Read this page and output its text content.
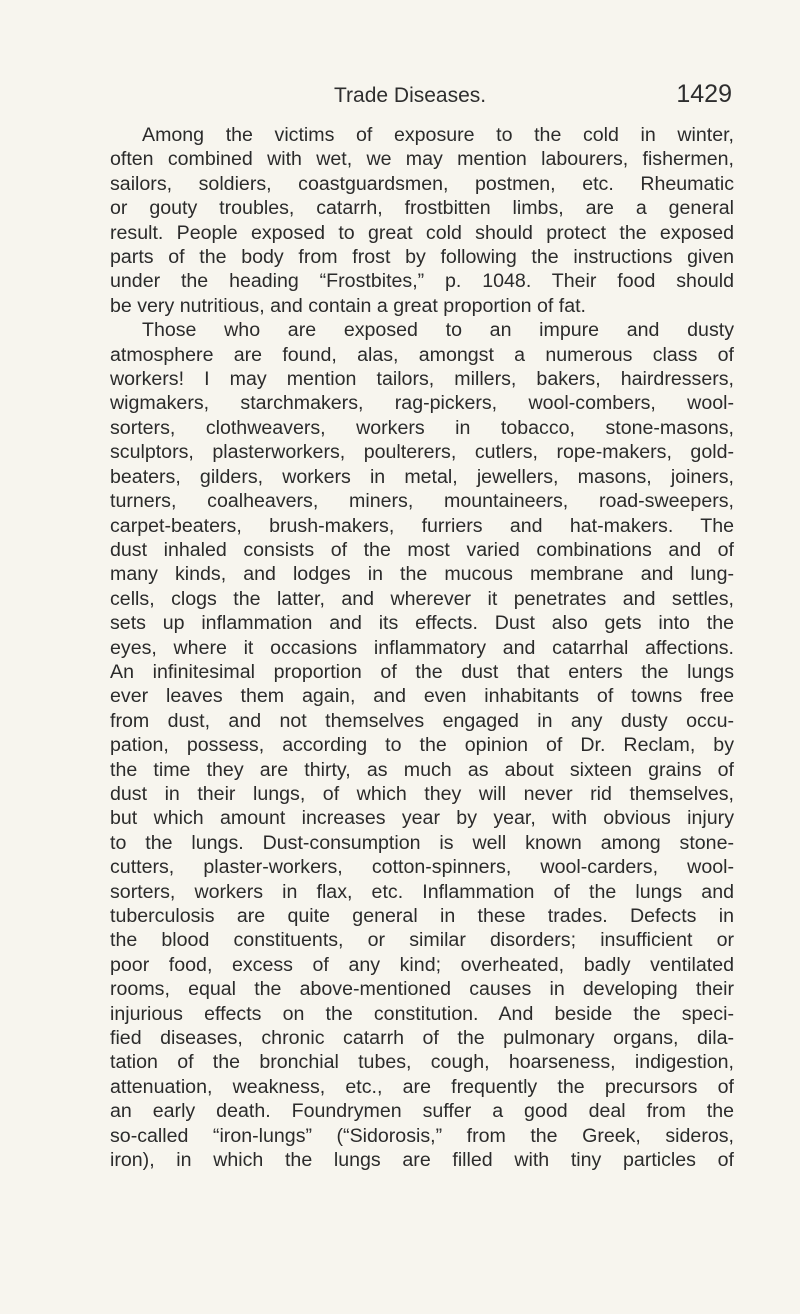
Trade Diseases.	1429
Among the victims of exposure to the cold in winter,
often combined with wet, we may mention labourers, fishermen,
sailors, soldiers, coastguardsmen, postmen, etc. Rheumatic
or gouty troubles, catarrh, frostbitten limbs, are a general
result. People exposed to great cold should protect the exposed
parts of the body from frost by following the instructions given
under the heading “Frostbites,” p. 1048. Their food should
be very nutritious, and contain a great proportion of fat.
Those who are exposed to an impure and dusty
atmosphere are found, alas, amongst a numerous class of
workers! I may mention tailors, millers, bakers, hairdressers,
wigmakers, starchmakers, rag-pickers, wool-combers, wool-
sorters, clothweavers, workers in tobacco, stone-masons,
sculptors, plasterworkers, poulterers, cutlers, rope-makers, gold-
beaters, gilders, workers in metal, jewellers, masons, joiners,
turners, coalheavers, miners, mountaineers, road-sweepers,
carpet-beaters, brush-makers, furriers and hat-makers. The
dust inhaled consists of the most varied combinations and of
many kinds, and lodges in the mucous membrane and lung-
cells, clogs the latter, and wherever it penetrates and settles,
sets up inflammation and its effects. Dust also gets into the
eyes, where it occasions inflammatory and catarrhal affections.
An infinitesimal proportion of the dust that enters the lungs
ever leaves them again, and even inhabitants of towns free
from dust, and not themselves engaged in any dusty occu-
pation, possess, according to the opinion of Dr. Reclam, by
the time they are thirty, as much as about sixteen grains of
dust in their lungs, of which they will never rid themselves,
but which amount increases year by year, with obvious injury
to the lungs. Dust-consumption is well known among stone-
cutters, plaster-workers, cotton-spinners, wool-carders, wool-
sorters, workers in flax, etc. Inflammation of the lungs and
tuberculosis are quite general in these trades. Defects in
the blood constituents, or similar disorders; insufficient or
poor food, excess of any kind; overheated, badly ventilated
rooms, equal the above-mentioned causes in developing their
injurious effects on the constitution. And beside the speci-
fied diseases, chronic catarrh of the pulmonary organs, dila-
tation of the bronchial tubes, cough, hoarseness, indigestion,
attenuation, weakness, etc., are frequently the precursors of
an early death. Foundrymen suffer a good deal from the
so-called “iron-lungs” (“Sidorosis,” from the Greek, sideros,
iron), in which the lungs are filled with tiny particles of
